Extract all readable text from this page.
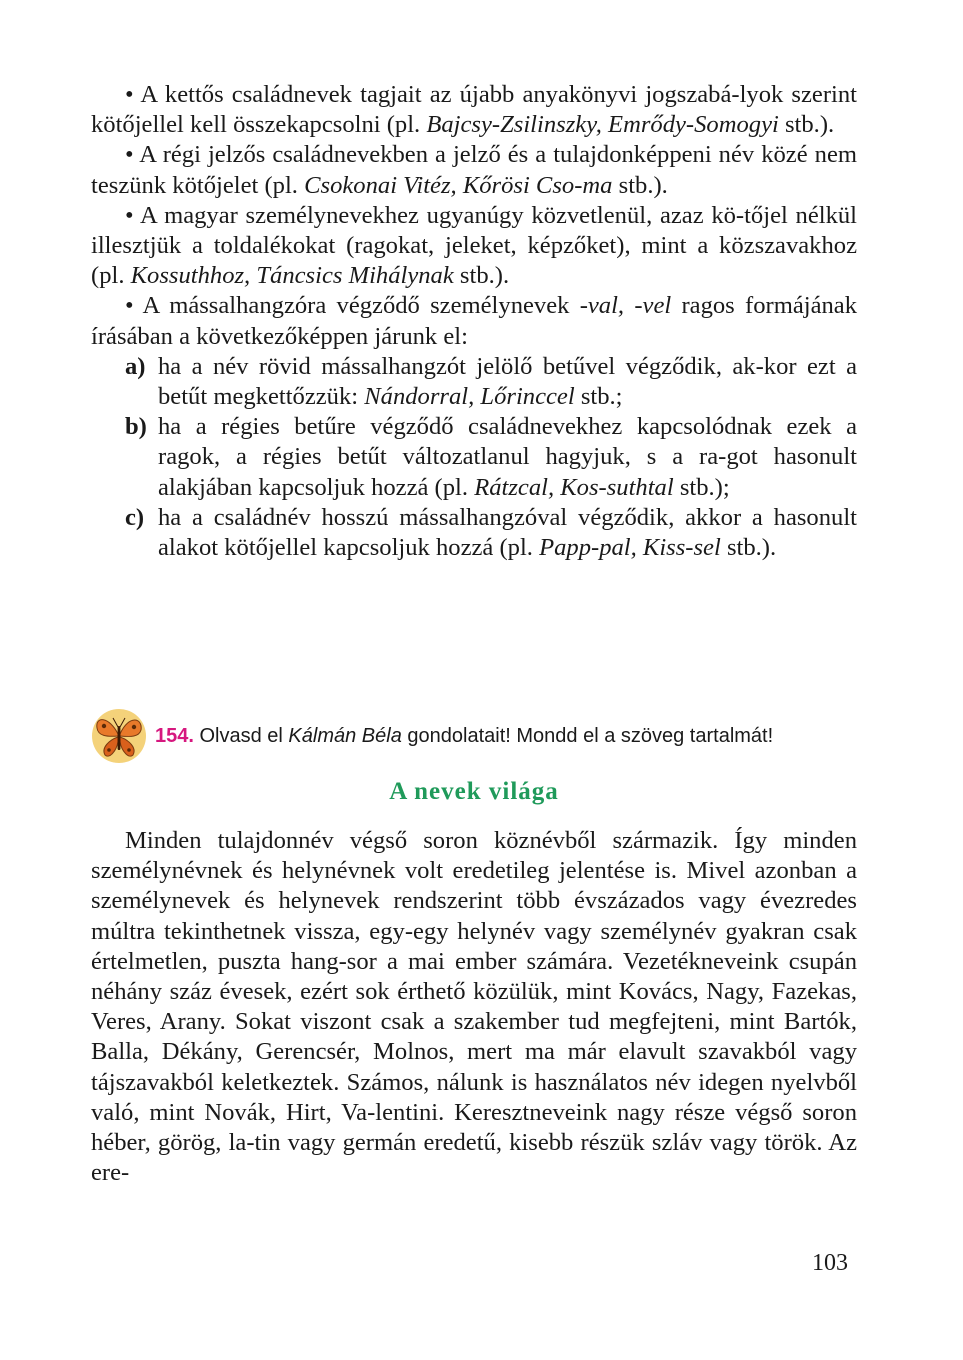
• A kettős családnevek tagjait az újabb anyakönyvi jogszabá-lyok szerint kötőjellel kell összekapcsolni (pl. Bajcsy-Zsilinszky, Emrődy-Somogyi stb.).

• A régi jelzős családnevekben a jelző és a tulajdonképpeni név közé nem teszünk kötőjelet (pl. Csokonai Vitéz, Kőrösi Cso-ma stb.).

• A magyar személynevekhez ugyanúgy közvetlenül, azaz kö-tőjel nélkül illesztjük a toldalékokat (ragokat, jeleket, képzőket), mint a közszavakhoz (pl. Kossuthhoz, Táncsics Mihálynak stb.).

• A mássalhangzóra végződő személynevek -val, -vel ragos formájának írásában a következőképpen járunk el:

a) ha a név rövid mássalhangzót jelölő betűvel végződik, ak-kor ezt a betűt megkettőzzük: Nándorral, Lőrinccel stb.;

b) ha a régies betűre végződő családnevekhez kapcsolódnak ezek a ragok, a régies betűt változatlanul hagyjuk, s a ra-got hasonult alakjában kapcsoljuk hozzá (pl. Rátzcal, Kos-suthtal stb.);

c) ha a családnév hosszú mássalhangzóval végződik, akkor a hasonult alakot kötőjellel kapcsoljuk hozzá (pl. Papp-pal, Kiss-sel stb.).

154. Olvasd el Kálmán Béla gondolatait! Mondd el a szöveg tartalmát!
A nevek világa

Minden tulajdonnév végső soron köznévből származik. Így minden személynévnek és helynévnek volt eredetileg jelentése is. Mivel azonban a személynevek és helynevek rendszerint több évszázados vagy évezredes múltra tekinthetnek vissza, egy-egy helynév vagy személynév gyakran csak értelmetlen, puszta hang-sor a mai ember számára. Vezetékneveink csupán néhány száz évesek, ezért sok érthető közülük, mint Kovács, Nagy, Fazekas, Veres, Arany. Sokat viszont csak a szakember tud megfejteni, mint Bartók, Balla, Dékány, Gerencsér, Molnos, mert ma már elavult szavakból vagy tájszavakból keletkeztek. Számos, nálunk is használatos név idegen nyelvből való, mint Novák, Hirt, Va-lentini. Keresztneveink nagy része végső soron héber, görög, la-tin vagy germán eredetű, kisebb részük szláv vagy török. Az ere-

103
